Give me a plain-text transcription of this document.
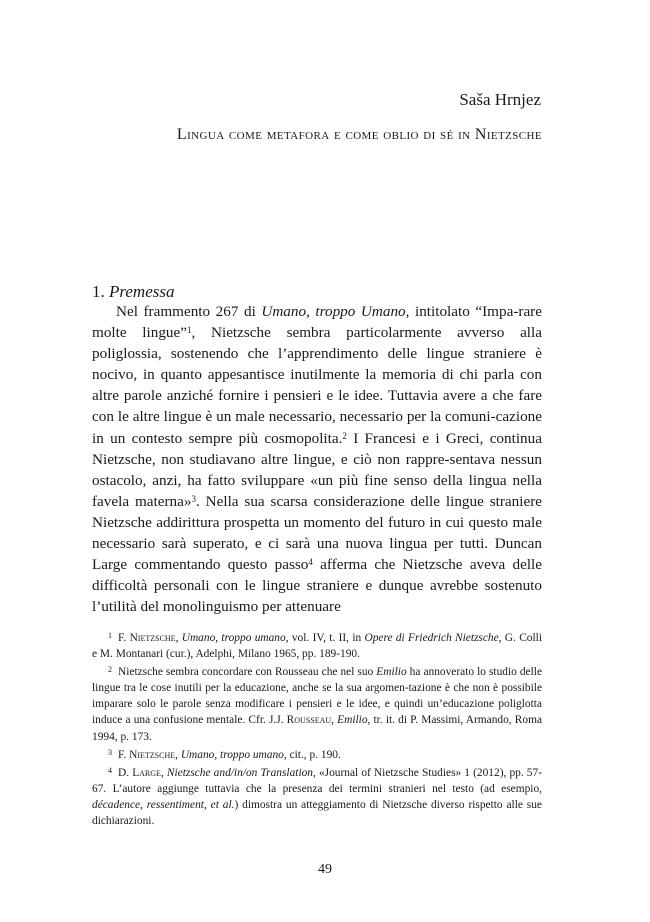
Saša Hrnjez
Lingua come metafora e come oblio di sé in Nietzsche
1. Premessa

Nel frammento 267 di Umano, troppo Umano, intitolato “Impa-rare molte lingue”$^1$, Nietzsche sembra particolarmente avverso alla poliglossia, sostenendo che l’apprendimento delle lingue straniere è nocivo, in quanto appesantisce inutilmente la memoria di chi parla con altre parole anziché fornire i pensieri e le idee. Tuttavia avere a che fare con le altre lingue è un male necessario, necessario per la comuni-cazione in un contesto sempre più cosmopolita.$^2$ I Francesi e i Greci, continua Nietzsche, non studiavano altre lingue, e ciò non rappre-sentava nessun ostacolo, anzi, ha fatto sviluppare «un più fine senso della lingua nella favela materna»$^3$. Nella sua scarsa considerazione delle lingue straniere Nietzsche addirittura prospetta un momento del futuro in cui questo male necessario sarà superato, e ci sarà una nuova lingua per tutti. Duncan Large commentando questo passo$^4$ afferma che Nietzsche aveva delle difficoltà personali con le lingue straniere e dunque avrebbe sostenuto l’utilità del monolinguismo per attenuare

$^1$ F. Nietzsche, Umano, troppo umano, vol. IV, t. II, in Opere di Friedrich Nietzsche, G. Colli e M. Montanari (cur.), Adelphi, Milano 1965, pp. 189-190.

$^2$ Nietzsche sembra concordare con Rousseau che nel suo Emilio ha annoverato lo studio delle lingue tra le cose inutili per la educazione, anche se la sua argomen-tazione è che non è possibile imparare solo le parole senza modificare i pensieri e le idee, e quindi un’educazione poliglotta induce a una confusione mentale. Cfr. J.J. Rousseau, Emilio, tr. it. di P. Massimi, Armando, Roma 1994, p. 173.

$^3$ F. Nietzsche, Umano, troppo umano, cit., p. 190.

$^4$ D. Large, Nietzsche and/in/on Translation, «Journal of Nietzsche Studies» 1 (2012), pp. 57-67. L’autore aggiunge tuttavia che la presenza dei termini stranieri nel testo (ad esempio, décadence, ressentiment, et al.) dimostra un atteggiamento di Nietzsche diverso rispetto alle sue dichiarazioni.

49
